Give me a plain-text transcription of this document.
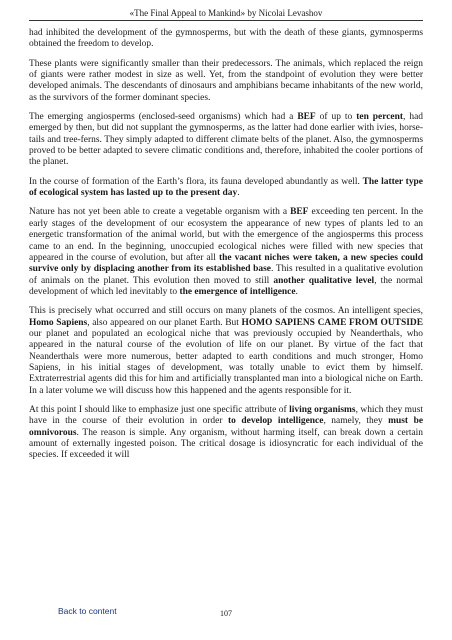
«The Final Appeal to Mankind» by Nicolai Levashov

had inhibited the development of the gymnosperms, but with the death of these giants, gymnosperms obtained the freedom to develop.

These plants were significantly smaller than their predecessors. The animals, which replaced the reign of giants were rather modest in size as well. Yet, from the standpoint of evolution they were better developed animals. The descendants of dinosaurs and amphibians became inhabitants of the new world, as the survivors of the former dominant species.

The emerging angiosperms (enclosed-seed organisms) which had a BEF of up to ten percent, had emerged by then, but did not supplant the gymnosperms, as the latter had done earlier with ivies, horse-tails and tree-ferns. They simply adapted to different climate belts of the planet. Also, the gymnosperms proved to be better adapted to severe climatic conditions and, therefore, inhabited the cooler portions of the planet.

In the course of formation of the Earth’s flora, its fauna developed abundantly as well. The latter type of ecological system has lasted up to the present day.

Nature has not yet been able to create a vegetable organism with a BEF exceeding ten percent. In the early stages of the development of our ecosystem the appearance of new types of plants led to an energetic transformation of the animal world, but with the emergence of the angiosperms this process came to an end. In the beginning, unoccupied ecological niches were filled with new species that appeared in the course of evolution, but after all the vacant niches were taken, a new species could survive only by displacing another from its established base. This resulted in a qualitative evolution of animals on the planet. This evolution then moved to still another qualitative level, the normal development of which led inevitably to the emergence of intelligence.

This is precisely what occurred and still occurs on many planets of the cosmos. An intelligent species, Homo Sapiens, also appeared on our planet Earth. But HOMO SAPIENS CAME FROM OUTSIDE our planet and populated an ecological niche that was previously occupied by Neanderthals, who appeared in the natural course of the evolution of life on our planet. By virtue of the fact that Neanderthals were more numerous, better adapted to earth conditions and much stronger, Homo Sapiens, in his initial stages of development, was totally unable to evict them by himself. Extraterrestrial agents did this for him and artificially transplanted man into a biological niche on Earth. In a later volume we will discuss how this happened and the agents responsible for it.

At this point I should like to emphasize just one specific attribute of living organisms, which they must have in the course of their evolution in order to develop intelligence, namely, they must be omnivorous. The reason is simple. Any organism, without harming itself, can break down a certain amount of externally ingested poison. The critical dosage is idiosyncratic for each individual of the species. If exceeded it will

Back to content	107
